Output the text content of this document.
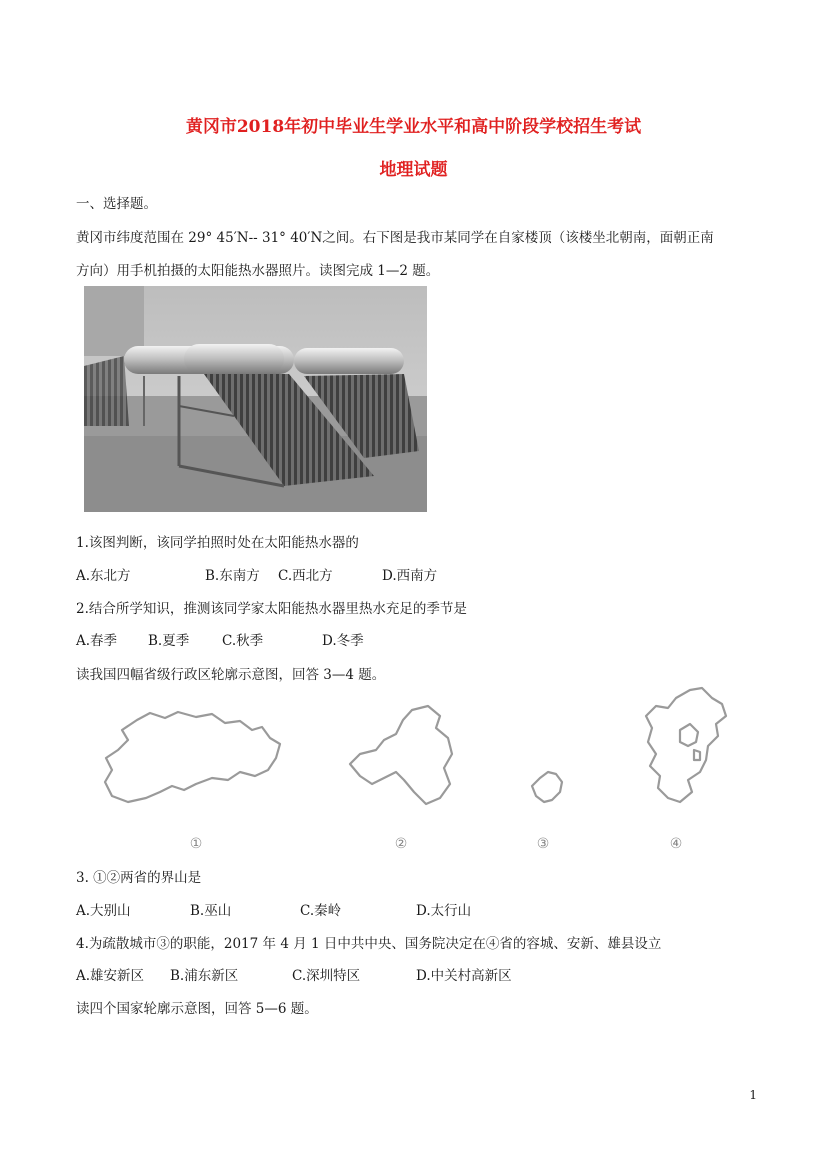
黄冈市2018年初中毕业生学业水平和高中阶段学校招生考试
地理试题
一、选择题。
黄冈市纬度范围在 29° 45′N-- 31° 40′N之间。右下图是我市某同学在自家楼顶（该楼坐北朝南，面朝正南
方向）用手机拍摄的太阳能热水器照片。读图完成 1—2 题。
1.该图判断，该同学拍照时处在太阳能热水器的
A.东北方	B.东南方 C.西北方	D.西南方
2.结合所学知识，推测该同学家太阳能热水器里热水充足的季节是
A.春季 B.夏季 C.秋季	D.冬季
读我国四幅省级行政区轮廓示意图，回答 3—4 题。
①	②	③	④
3. ①②两省的界山是
A.大别山	B.巫山	C.秦岭	D.太行山
4.为疏散城市③的职能，2017 年 4 月 1 日中共中央、国务院决定在④省的容城、安新、雄县设立
A.雄安新区 B.浦东新区	C.深圳特区	D.中关村高新区
读四个国家轮廓示意图，回答 5—6 题。
1
